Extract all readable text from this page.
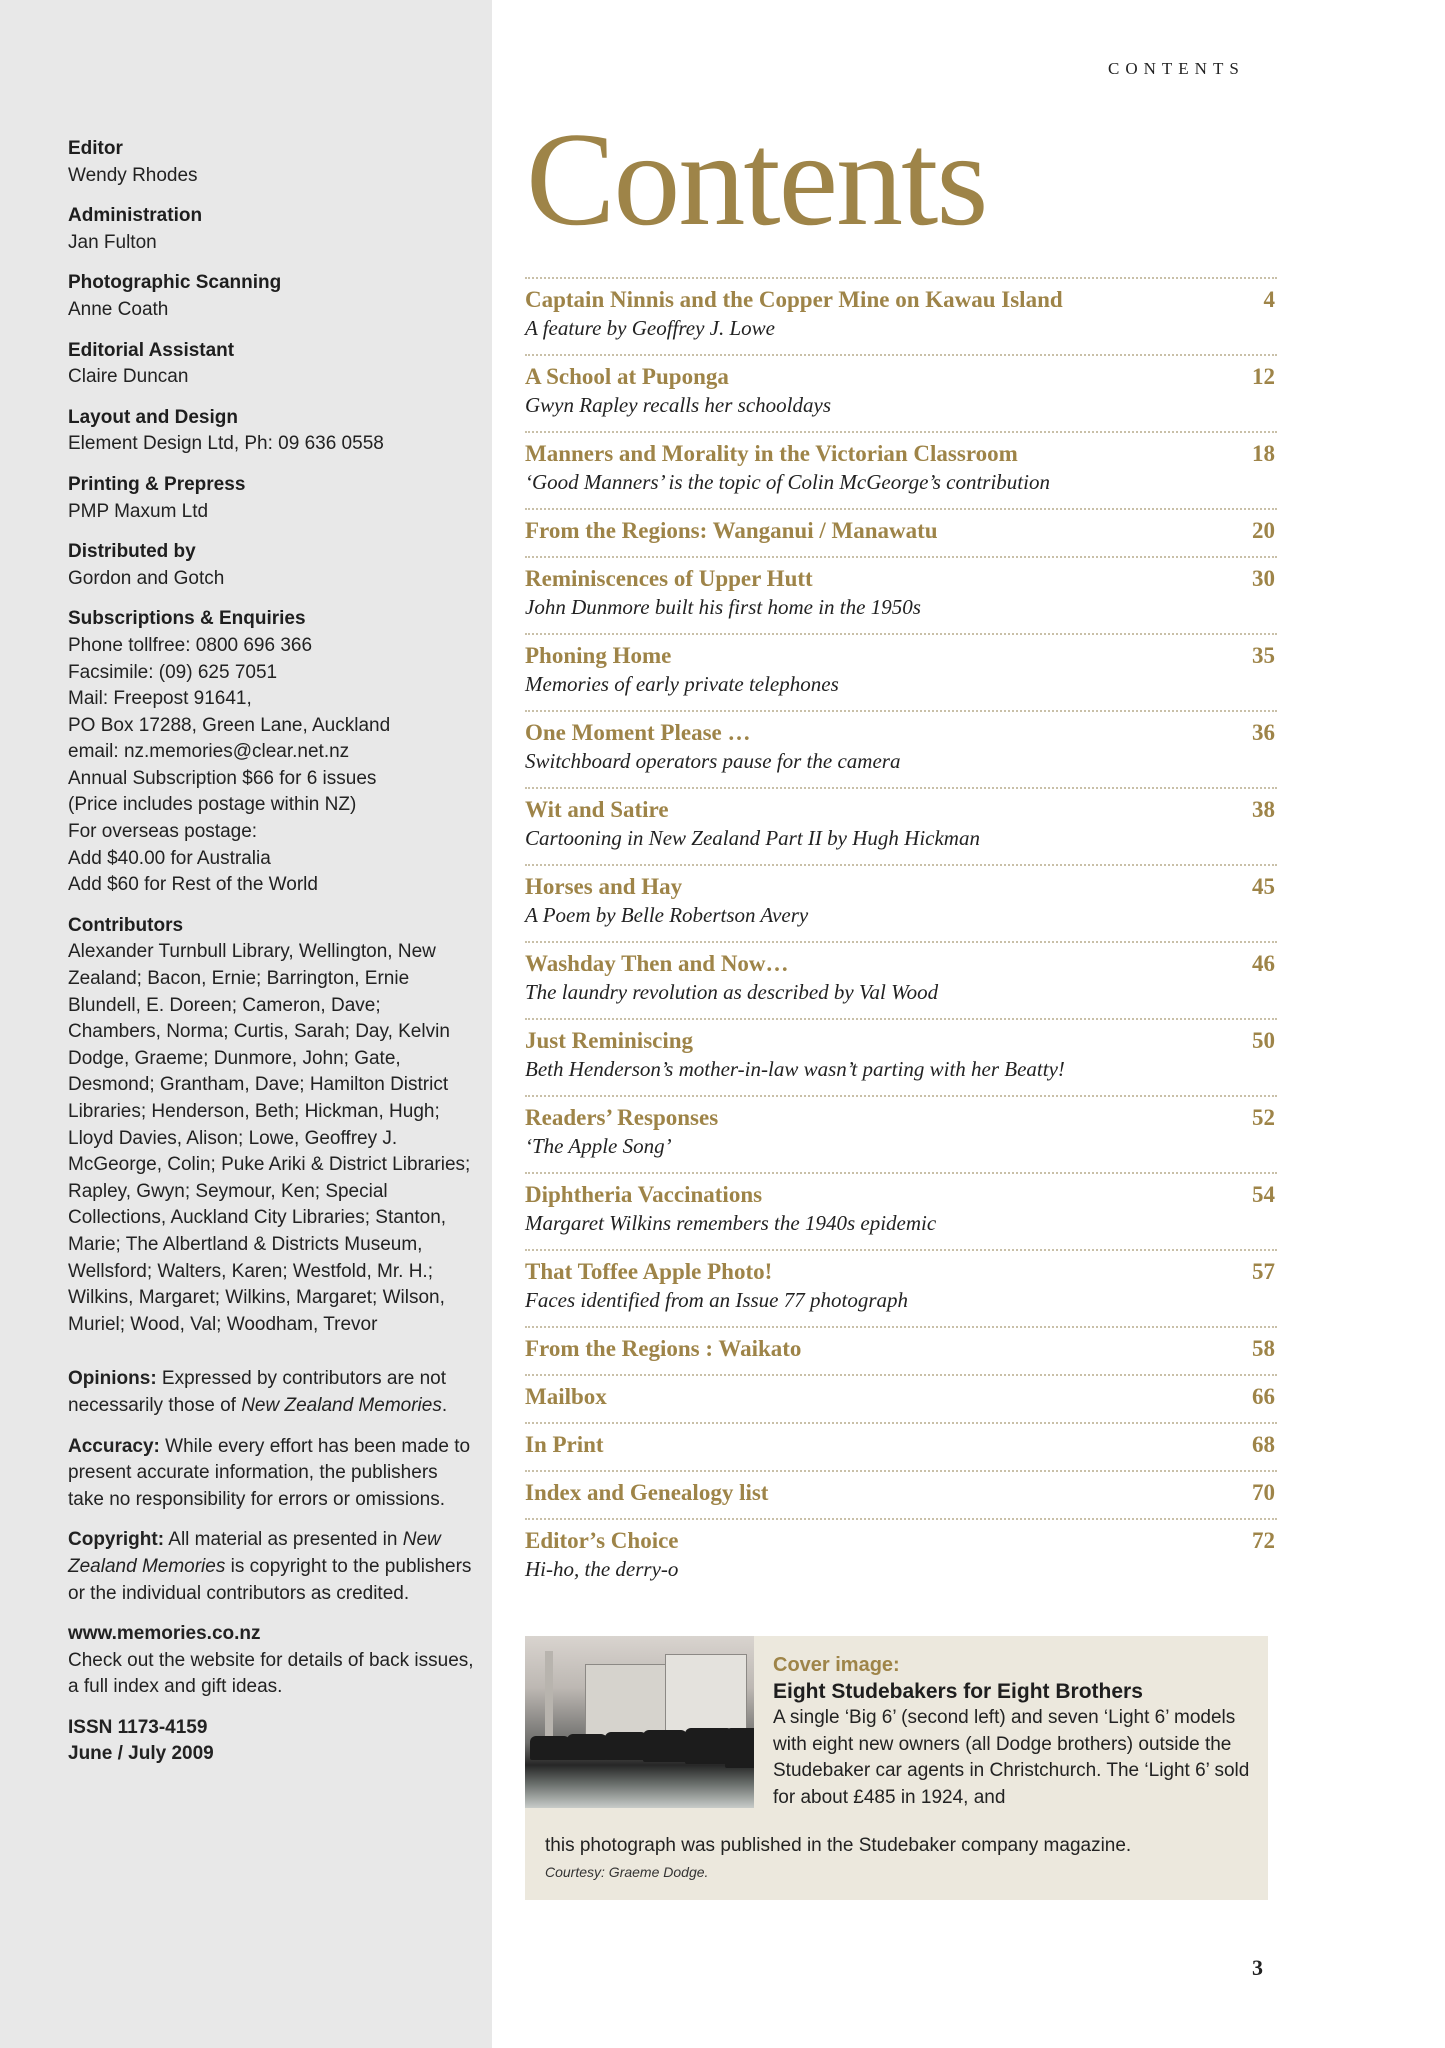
Editor
Wendy Rhodes
Administration
Jan Fulton
Photographic Scanning
Anne Coath
Editorial Assistant
Claire Duncan
Layout and Design
Element Design Ltd, Ph: 09 636 0558
Printing & Prepress
PMP Maxum Ltd
Distributed by
Gordon and Gotch
Subscriptions & Enquiries
Phone tollfree: 0800 696 366
Facsimile: (09) 625 7051
Mail: Freepost 91641,
PO Box 17288, Green Lane, Auckland
email: nz.memories@clear.net.nz
Annual Subscription $66 for 6 issues
(Price includes postage within NZ)
For overseas postage:
Add $40.00 for Australia
Add $60 for Rest of the World
Contributors
Alexander Turnbull Library, Wellington, New Zealand; Bacon, Ernie; Barrington, Ernie Blundell, E. Doreen; Cameron, Dave; Chambers, Norma; Curtis, Sarah; Day, Kelvin Dodge, Graeme; Dunmore, John; Gate, Desmond; Grantham, Dave; Hamilton District Libraries; Henderson, Beth; Hickman, Hugh; Lloyd Davies, Alison; Lowe, Geoffrey J. McGeorge, Colin; Puke Ariki & District Libraries; Rapley, Gwyn; Seymour, Ken; Special Collections, Auckland City Libraries; Stanton, Marie; The Albertland & Districts Museum, Wellsford; Walters, Karen; Westfold, Mr. H.; Wilkins, Margaret; Wilkins, Margaret; Wilson, Muriel; Wood, Val; Woodham, Trevor
Opinions: Expressed by contributors are not necessarily those of New Zealand Memories.
Accuracy: While every effort has been made to present accurate information, the publishers take no responsibility for errors or omissions.
Copyright: All material as presented in New Zealand Memories is copyright to the publishers or the individual contributors as credited.
www.memories.co.nz
Check out the website for details of back issues, a full index and gift ideas.
ISSN 1173-4159
June / July 2009
CONTENTS
Contents
Captain Ninnis and the Copper Mine on Kawau Island
A feature by Geoffrey J. Lowe
4
A School at Puponga
Gwyn Rapley recalls her schooldays
12
Manners and Morality in the Victorian Classroom
‘Good Manners’ is the topic of Colin McGeorge’s contribution
18
From the Regions: Wanganui / Manawatu	20
Reminiscences of Upper Hutt
John Dunmore built his first home in the 1950s
30
Phoning Home
Memories of early private telephones
35
One Moment Please …
Switchboard operators pause for the camera
36
Wit and Satire
Cartooning in New Zealand Part II by Hugh Hickman
38
Horses and Hay
A Poem by Belle Robertson Avery
45
Washday Then and Now…
The laundry revolution as described by Val Wood
46
Just Reminiscing
Beth Henderson’s mother-in-law wasn’t parting with her Beatty!
50
Readers’ Responses
‘The Apple Song’
52
Diphtheria Vaccinations
Margaret Wilkins remembers the 1940s epidemic
54
That Toffee Apple Photo!
Faces identified from an Issue 77 photograph
57
From the Regions : Waikato	58
Mailbox	66
In Print	68
Index and Genealogy list	70
Editor’s Choice
Hi-ho, the derry-o
72
Cover image:
Eight Studebakers for Eight Brothers
A single ‘Big 6’ (second left) and seven ‘Light 6’ models with eight new owners (all Dodge brothers) outside the Studebaker car agents in Christchurch. The ‘Light 6’ sold for about £485 in 1924, and
this photograph was published in the Studebaker company magazine.
Courtesy: Graeme Dodge.
3
